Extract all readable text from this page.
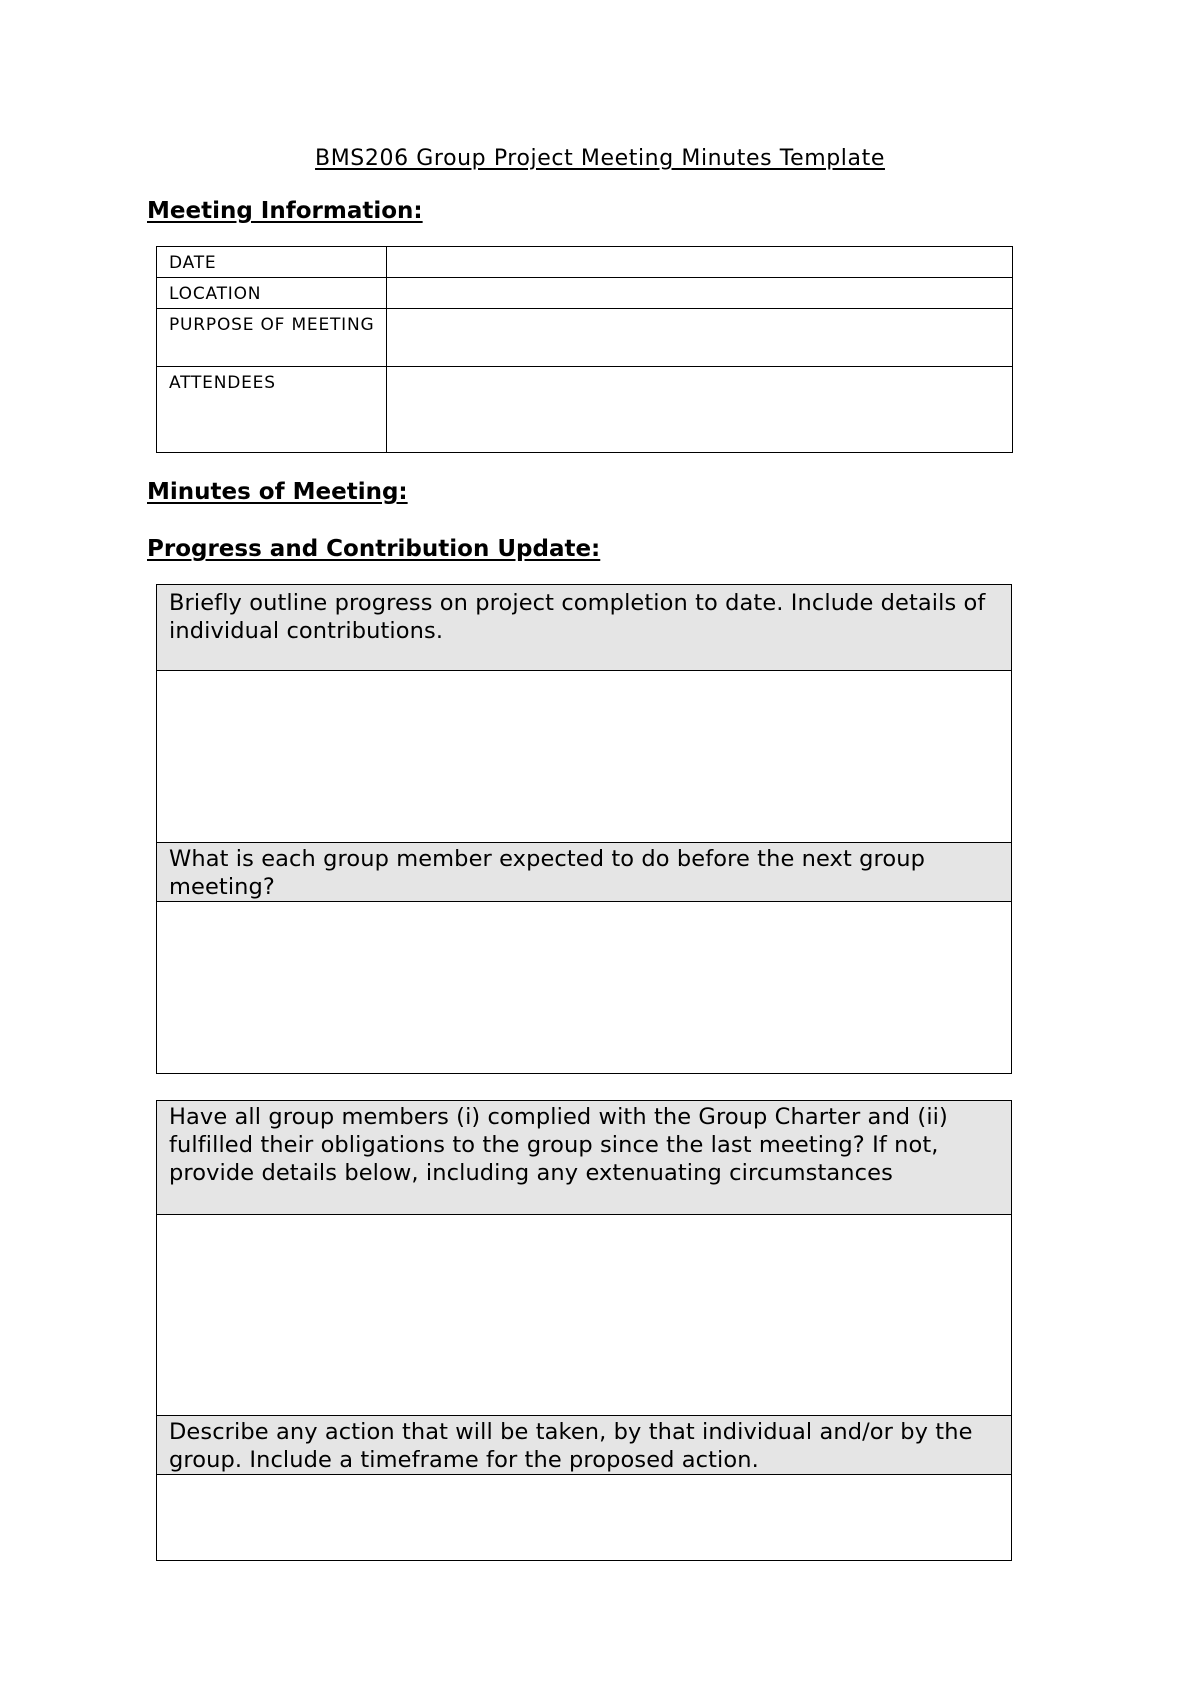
BMS206 Group Project Meeting Minutes Template
Meeting Information:
DATE	
LOCATION	
PURPOSE OF MEETING	
ATTENDEES	
Minutes of Meeting:
Progress and Contribution Update:
Briefly outline progress on project completion to date. Include details of individual contributions.

What is each group member expected to do before the next group meeting?

Have all group members (i) complied with the Group Charter and (ii) fulfilled their obligations to the group since the last meeting? If not, provide details below, including any extenuating circumstances

Describe any action that will be taken, by that individual and/or by the group. Include a timeframe for the proposed action.
